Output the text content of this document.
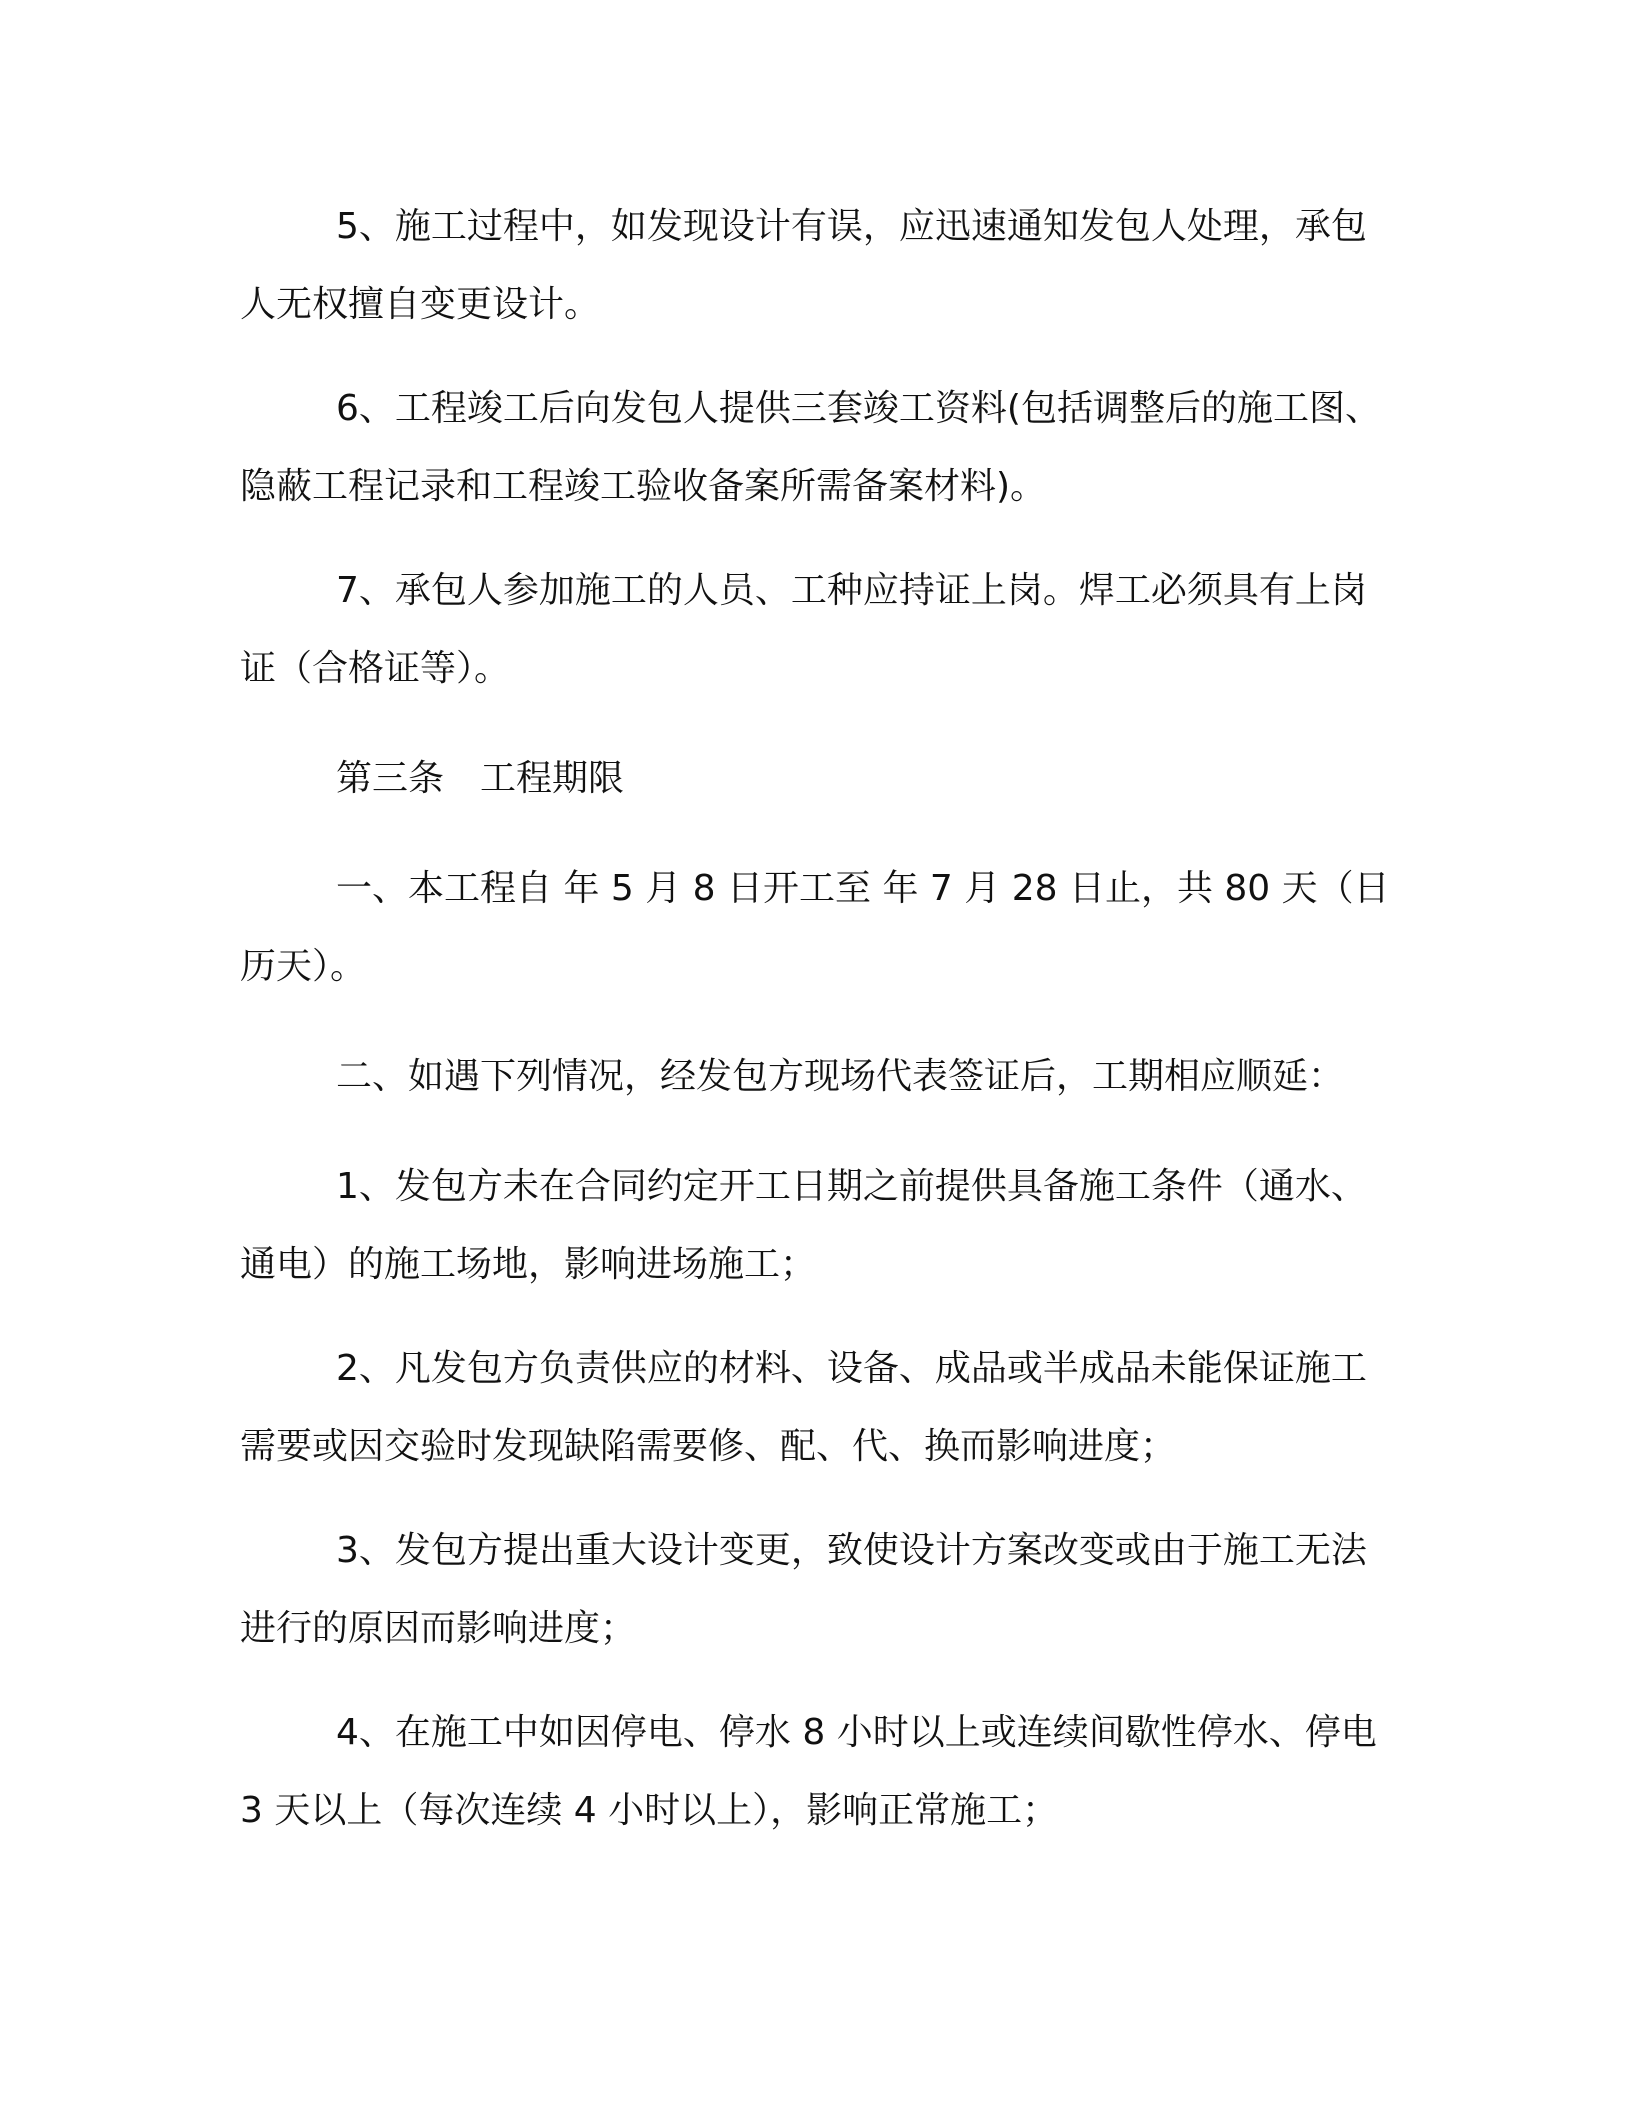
5、施工过程中，如发现设计有误，应迅速通知发包人处理，承包人无权擅自变更设计。

6、工程竣工后向发包人提供三套竣工资料(包括调整后的施工图、隐蔽工程记录和工程竣工验收备案所需备案材料)。

7、承包人参加施工的人员、工种应持证上岗。焊工必须具有上岗证（合格证等）。

第三条　工程期限

一、本工程自 年 5 月 8 日开工至 年 7 月 28 日止，共 80 天（日历天）。

二、如遇下列情况，经发包方现场代表签证后，工期相应顺延：

1、发包方未在合同约定开工日期之前提供具备施工条件（通水、通电）的施工场地，影响进场施工；

2、凡发包方负责供应的材料、设备、成品或半成品未能保证施工需要或因交验时发现缺陷需要修、配、代、换而影响进度；

3、发包方提出重大设计变更，致使设计方案改变或由于施工无法进行的原因而影响进度；

4、在施工中如因停电、停水 8 小时以上或连续间歇性停水、停电 3 天以上（每次连续 4 小时以上），影响正常施工；
